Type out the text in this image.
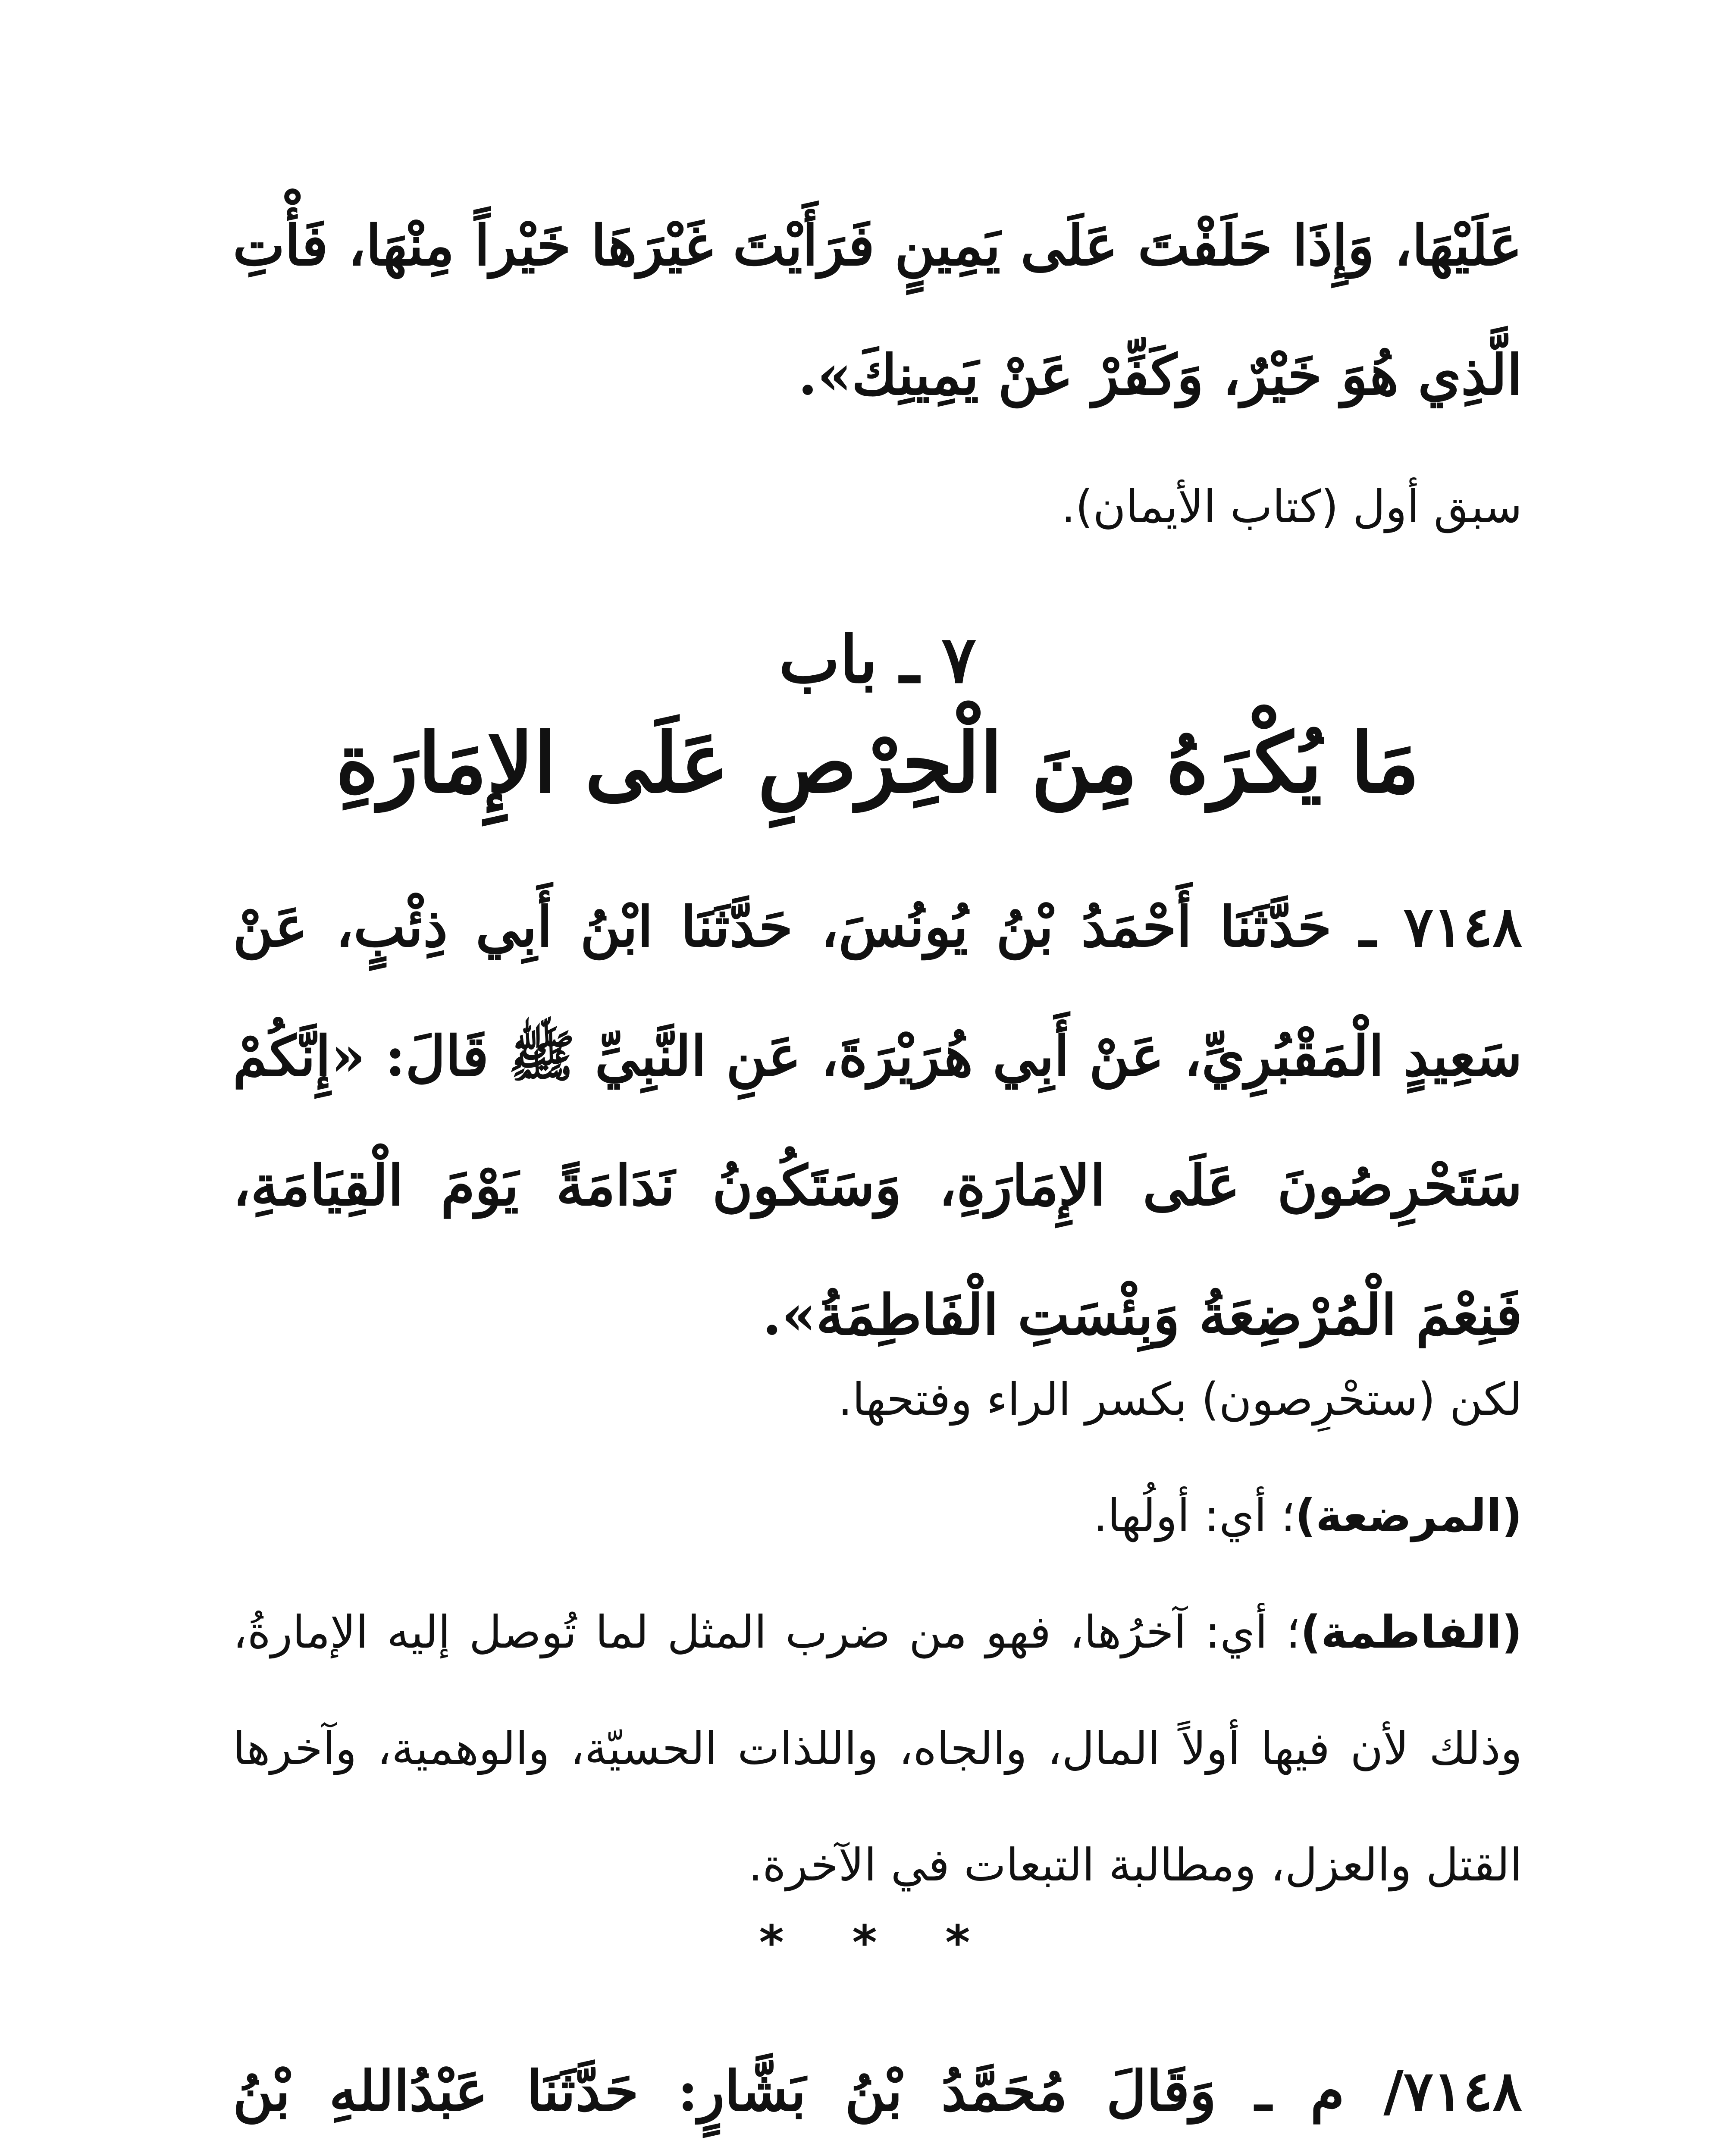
عَلَيْهَا، وَإِذَا حَلَفْتَ عَلَى يَمِينٍ فَرَأَيْتَ غَيْرَهَا خَيْراً مِنْهَا، فَأْتِ الَّذِي هُوَ خَيْرٌ، وَكَفِّرْ عَنْ يَمِينِكَ».
سبق أول (كتاب الأيمان).
٧ ـ باب
مَا يُكْرَهُ مِنَ الْحِرْصِ عَلَى الإِمَارَةِ
٧١٤٨ ـ حَدَّثَنَا أَحْمَدُ بْنُ يُونُسَ، حَدَّثَنَا ابْنُ أَبِي ذِئْبٍ، عَنْ سَعِيدٍ الْمَقْبُرِيِّ، عَنْ أَبِي هُرَيْرَةَ، عَنِ النَّبِيِّ ﷺ قَالَ: «إِنَّكُمْ سَتَحْرِصُونَ عَلَى الإِمَارَةِ، وَسَتَكُونُ نَدَامَةً يَوْمَ الْقِيَامَةِ، فَنِعْمَ الْمُرْضِعَةُ وَبِئْسَتِ الْفَاطِمَةُ».

لكن (ستحْرِصون) بكسر الراء وفتحها.

(المرضعة)؛ أي: أولُها.

(الفاطمة)؛ أي: آخرُها، فهو من ضرب المثل لما تُوصل إليه الإمارةُ، وذلك لأن فيها أولاً المال، والجاه، واللذات الحسيّة، والوهمية، وآخرها القتل والعزل، ومطالبة التبعات في الآخرة.

* * *
٧١٤٨/ م ـ وَقَالَ مُحَمَّدُ بْنُ بَشَّارٍ: حَدَّثَنَا عَبْدُاللهِ بْنُ
